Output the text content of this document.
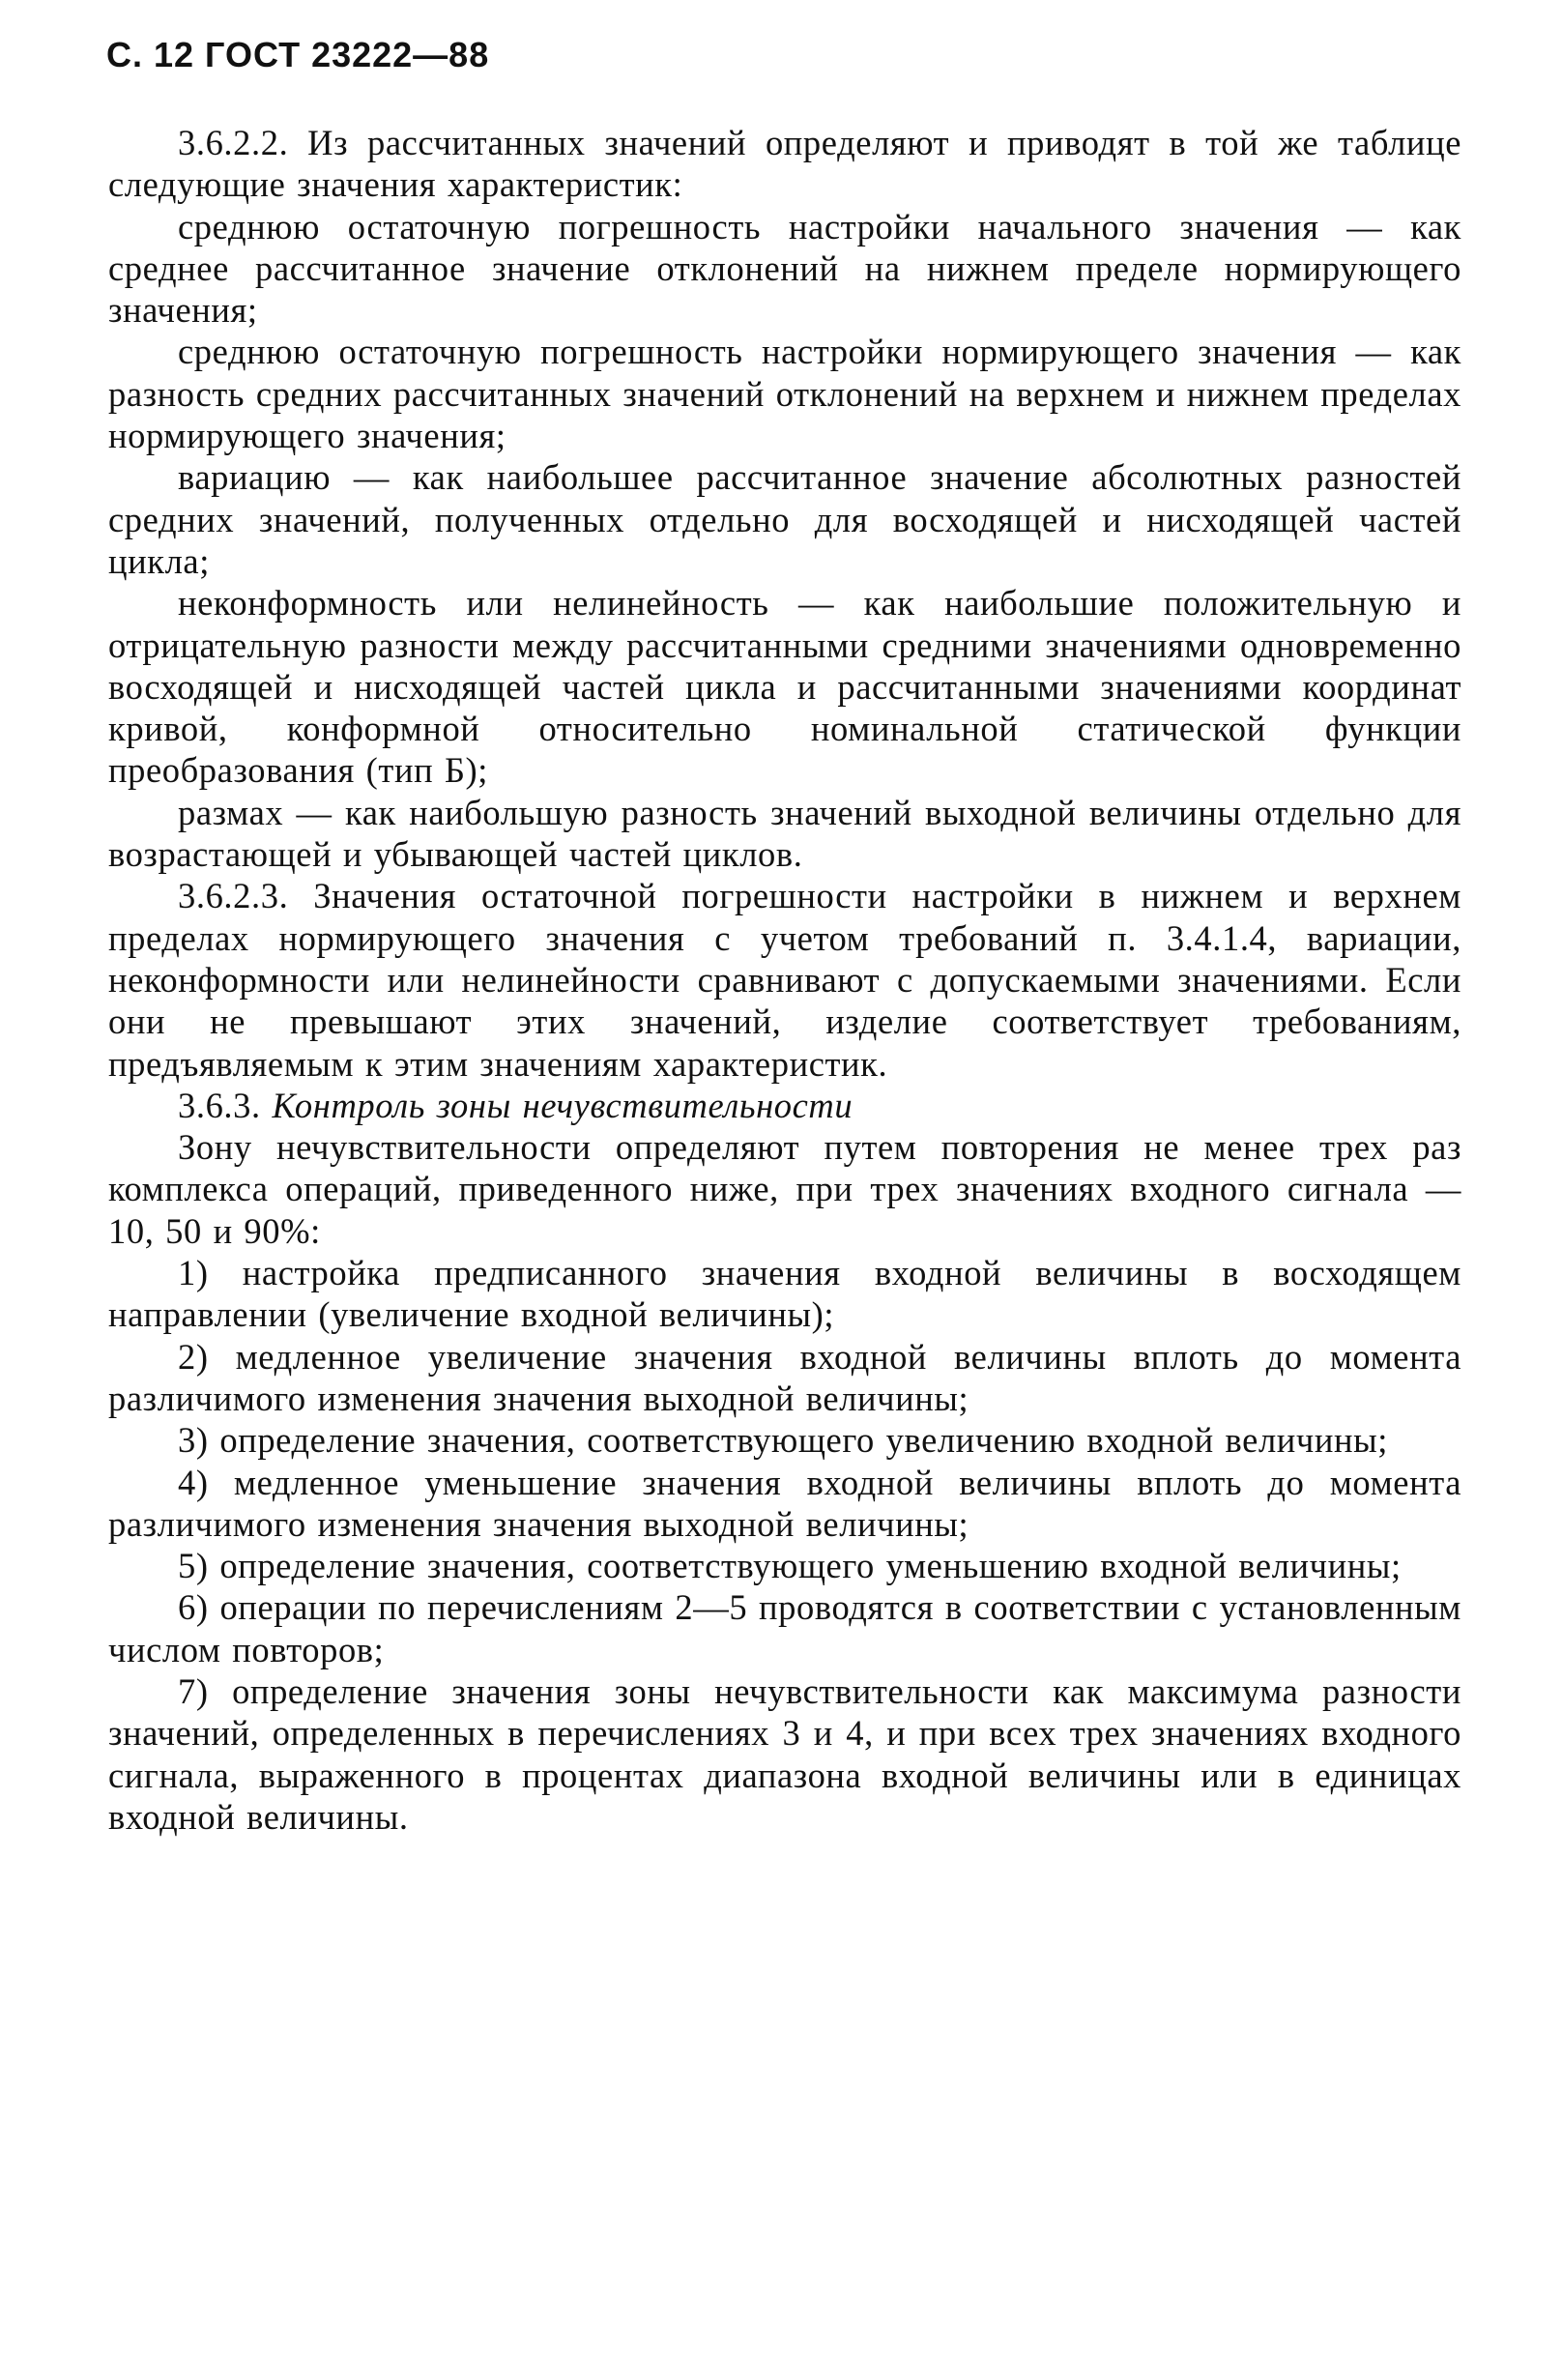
С. 12 ГОСТ 23222—88

3.6.2.2. Из рассчитанных значений определяют и приводят в той же таблице следующие значения характеристик:

среднюю остаточную погрешность настройки начального значения — как среднее рассчитанное значение отклонений на нижнем пределе нормирующего значения;

среднюю остаточную погрешность настройки нормирующего значения — как разность средних рассчитанных значений отклонений на верхнем и нижнем пределах нормирующего значения;

вариацию — как наибольшее рассчитанное значение абсолютных разностей средних значений, полученных отдельно для восходящей и нисходящей частей цикла;

неконформность или нелинейность — как наибольшие положительную и отрицательную разности между рассчитанными средними значениями одновременно восходящей и нисходящей частей цикла и рассчитанными значениями координат кривой, конформной относительно номинальной статической функции преобразования (тип Б);

размах — как наибольшую разность значений выходной величины отдельно для возрастающей и убывающей частей циклов.

3.6.2.3. Значения остаточной погрешности настройки в нижнем и верхнем пределах нормирующего значения с учетом требований п. 3.4.1.4, вариации, неконформности или нелинейности сравнивают с допускаемыми значениями. Если они не превышают этих значений, изделие соответствует требованиям, предъявляемым к этим значениям характеристик.

3.6.3. Контроль зоны нечувствительности

Зону нечувствительности определяют путем повторения не менее трех раз комплекса операций, приведенного ниже, при трех значениях входного сигнала — 10, 50 и 90%:

1) настройка предписанного значения входной величины в восходящем направлении (увеличение входной величины);

2) медленное увеличение значения входной величины вплоть до момента различимого изменения значения выходной величины;

3) определение значения, соответствующего увеличению входной величины;

4) медленное уменьшение значения входной величины вплоть до момента различимого изменения значения выходной величины;

5) определение значения, соответствующего уменьшению входной величины;

6) операции по перечислениям 2—5 проводятся в соответствии с установленным числом повторов;

7) определение значения зоны нечувствительности как максимума разности значений, определенных в перечислениях 3 и 4, и при всех трех значениях входного сигнала, выраженного в процентах диапазона входной величины или в единицах входной величины.
